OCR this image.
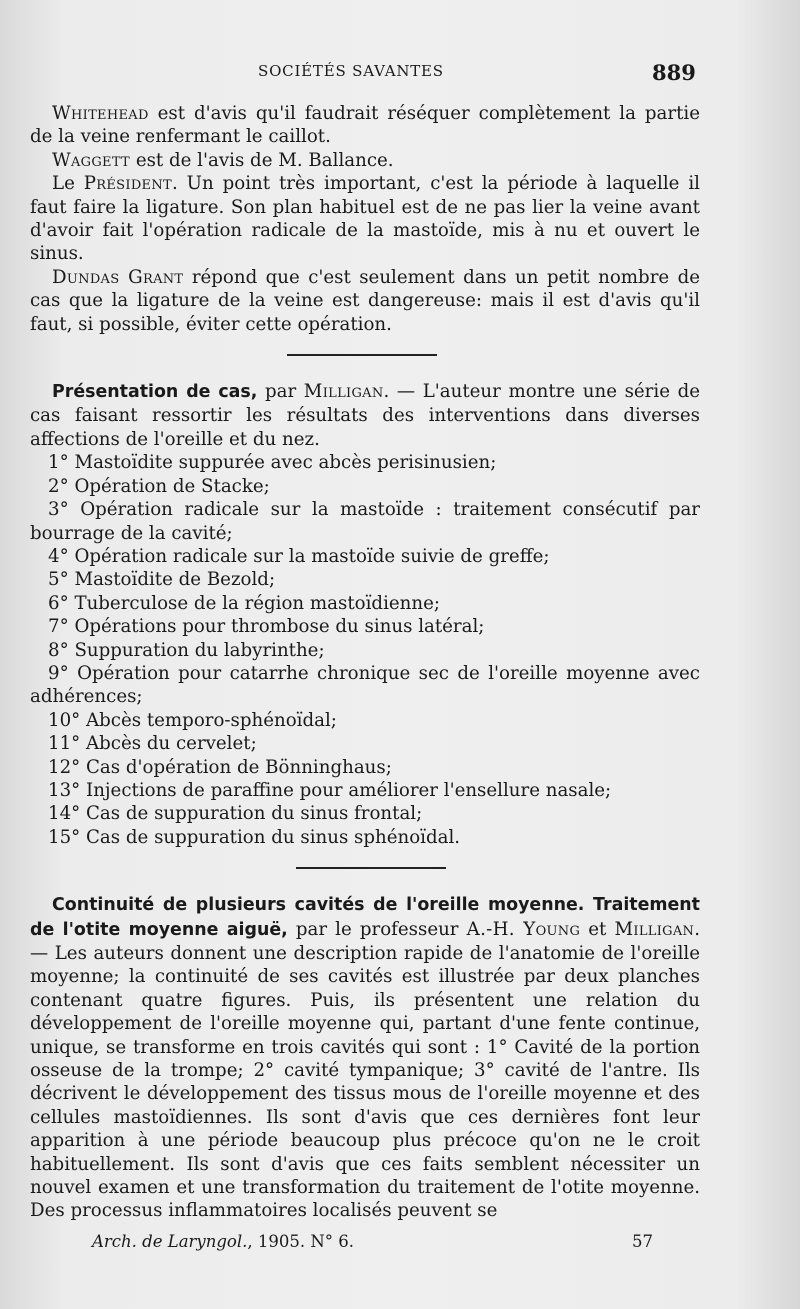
SOCIÉTÉS SAVANTES	889

Whitehead est d'avis qu'il faudrait réséquer complètement la partie de la veine renfermant le caillot.

Waggett est de l'avis de M. Ballance.

Le Président. Un point très important, c'est la période à laquelle il faut faire la ligature. Son plan habituel est de ne pas lier la veine avant d'avoir fait l'opération radicale de la mastoïde, mis à nu et ouvert le sinus.

Dundas Grant répond que c'est seulement dans un petit nombre de cas que la ligature de la veine est dangereuse: mais il est d'avis qu'il faut, si possible, éviter cette opération.

Présentation de cas, par Milligan. — L'auteur montre une série de cas faisant ressortir les résultats des interventions dans diverses affections de l'oreille et du nez.

1° Mastoïdite suppurée avec abcès perisinusien;

2° Opération de Stacke;

3° Opération radicale sur la mastoïde : traitement consécutif par bourrage de la cavité;

4° Opération radicale sur la mastoïde suivie de greffe;

5° Mastoïdite de Bezold;

6° Tuberculose de la région mastoïdienne;

7° Opérations pour thrombose du sinus latéral;

8° Suppuration du labyrinthe;

9° Opération pour catarrhe chronique sec de l'oreille moyenne avec adhérences;

10° Abcès temporo-sphénoïdal;

11° Abcès du cervelet;

12° Cas d'opération de Bönninghaus;

13° Injections de paraffine pour améliorer l'ensellure nasale;

14° Cas de suppuration du sinus frontal;

15° Cas de suppuration du sinus sphénoïdal.

Continuité de plusieurs cavités de l'oreille moyenne. Traitement de l'otite moyenne aiguë, par le professeur A.-H. Young et Milligan. — Les auteurs donnent une description rapide de l'anatomie de l'oreille moyenne; la continuité de ses cavités est illustrée par deux planches contenant quatre figures. Puis, ils présentent une relation du développement de l'oreille moyenne qui, partant d'une fente continue, unique, se transforme en trois cavités qui sont : 1° Cavité de la portion osseuse de la trompe; 2° cavité tympanique; 3° cavité de l'antre. Ils décrivent le développement des tissus mous de l'oreille moyenne et des cellules mastoïdiennes. Ils sont d'avis que ces dernières font leur apparition à une période beaucoup plus précoce qu'on ne le croit habituellement. Ils sont d'avis que ces faits semblent nécessiter un nouvel examen et une transformation du traitement de l'otite moyenne. Des processus inflammatoires localisés peuvent se

Arch. de Laryngol., 1905. N° 6.	57
